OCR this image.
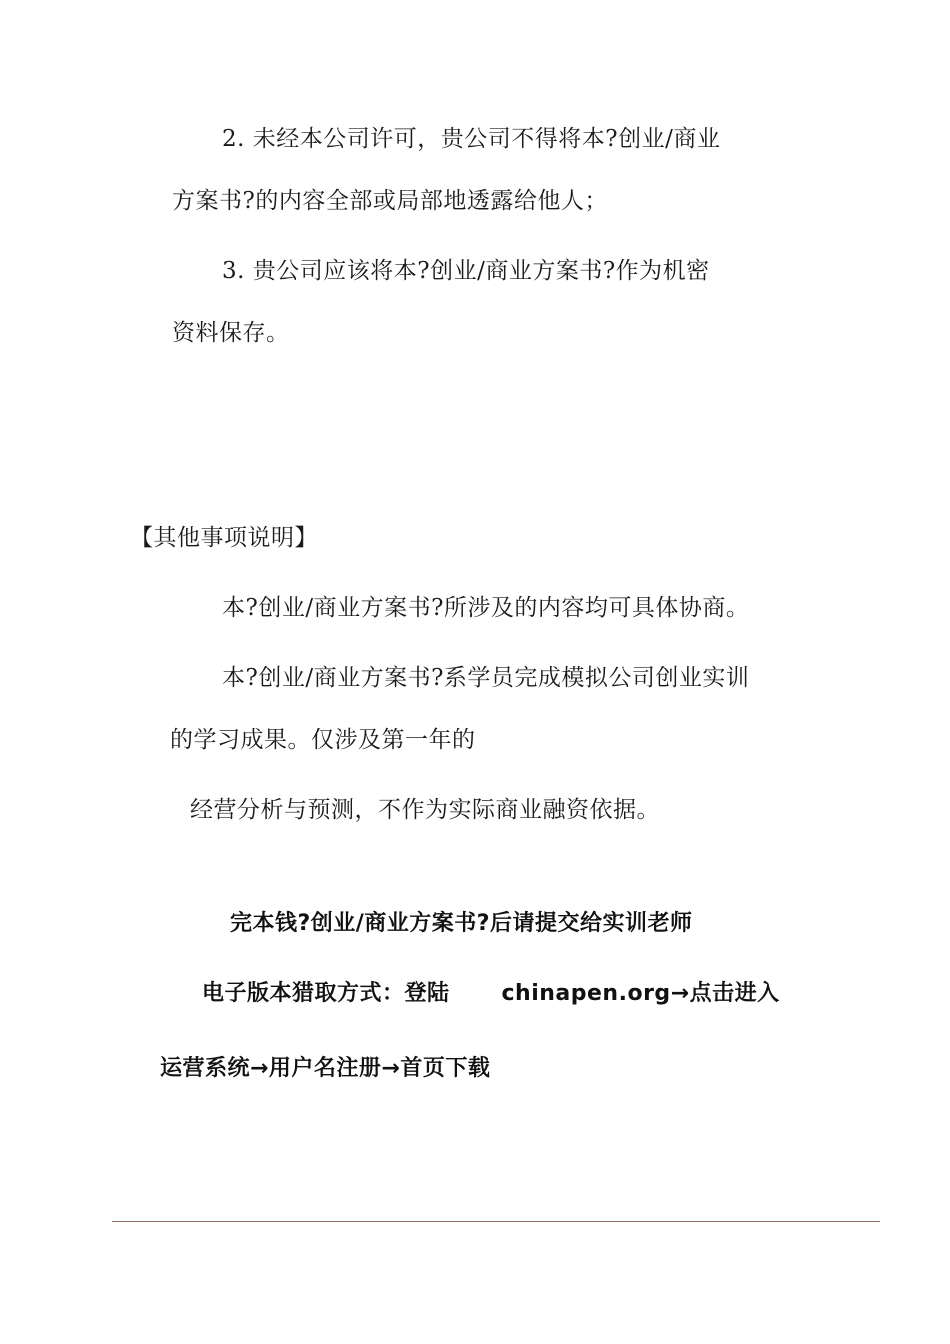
2. 未经本公司许可，贵公司不得将本?创业/商业
方案书?的内容全部或局部地透露给他人；
3. 贵公司应该将本?创业/商业方案书?作为机密
资料保存。
【其他事项说明】
本?创业/商业方案书?所涉及的内容均可具体协商。
本?创业/商业方案书?系学员完成模拟公司创业实训
的学习成果。仅涉及第一年的
经营分析与预测，不作为实际商业融资依据。
完本钱?创业/商业方案书?后请提交给实训老师
电子版本猎取方式：登陆 chinapen.org→点击进入
运营系统→用户名注册→首页下载
